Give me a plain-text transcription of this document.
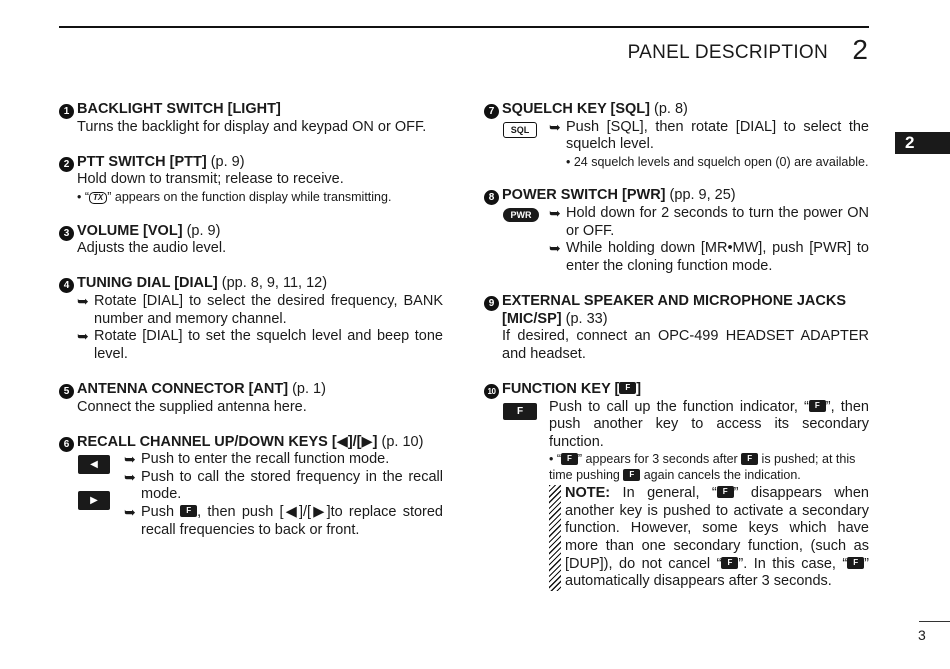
PANEL DESCRIPTION 2
2
1 BACKLIGHT SWITCH [LIGHT]
Turns the backlight for display and keypad ON or OFF.
2 PTT SWITCH [PTT] (p. 9)
Hold down to transmit; release to receive.
• “ TX ” appears on the function display while transmitting.
3 VOLUME [VOL] (p. 9)
Adjusts the audio level.
4 TUNING DIAL [DIAL] (pp. 8, 9, 11, 12)
➥ Rotate [DIAL] to select the desired frequency, BANK number and memory channel.
➥ Rotate [DIAL] to set the squelch level and beep tone level.
5 ANTENNA CONNECTOR [ANT] (p. 1)
Connect the supplied antenna here.
6 RECALL CHANNEL UP/DOWN KEYS [◀]/[▶] (p. 10)
◀
▶
➥ Push to enter the recall function mode.
➥ Push to call the stored frequency in the recall mode.
➥ Push F , then push [◀]/[▶]to replace stored recall frequencies to back or front.
7 SQUELCH KEY [SQL] (p. 8)
SQL	➥ Push [SQL], then rotate [DIAL] to select the squelch level.
• 24 squelch levels and squelch open (0) are available.
8 POWER SWITCH [PWR] (pp. 9, 25)
PWR	➥ Hold down for 2 seconds to turn the power ON or OFF.
➥ While holding down [MR•MW], push [PWR] to enter the cloning function mode.
9 EXTERNAL SPEAKER AND MICROPHONE JACKS [MIC/SP] (p. 33)
If desired, connect an OPC-499 HEADSET ADAPTER and headset.
10 FUNCTION KEY [ F ]
F	Push to call up the function indicator, “ F ”, then push another key to access its secondary function.
• “ F ” appears for 3 seconds after F is pushed; at this time pushing F again cancels the indication.
NOTE: In general, “ F ” disappears when another key is pushed to activate a secondary function. However, some keys which have more than one secondary function, (such as [DUP]), do not cancel “ F ”. In this case, “ F ” automatically disappears after 3 seconds.
3
